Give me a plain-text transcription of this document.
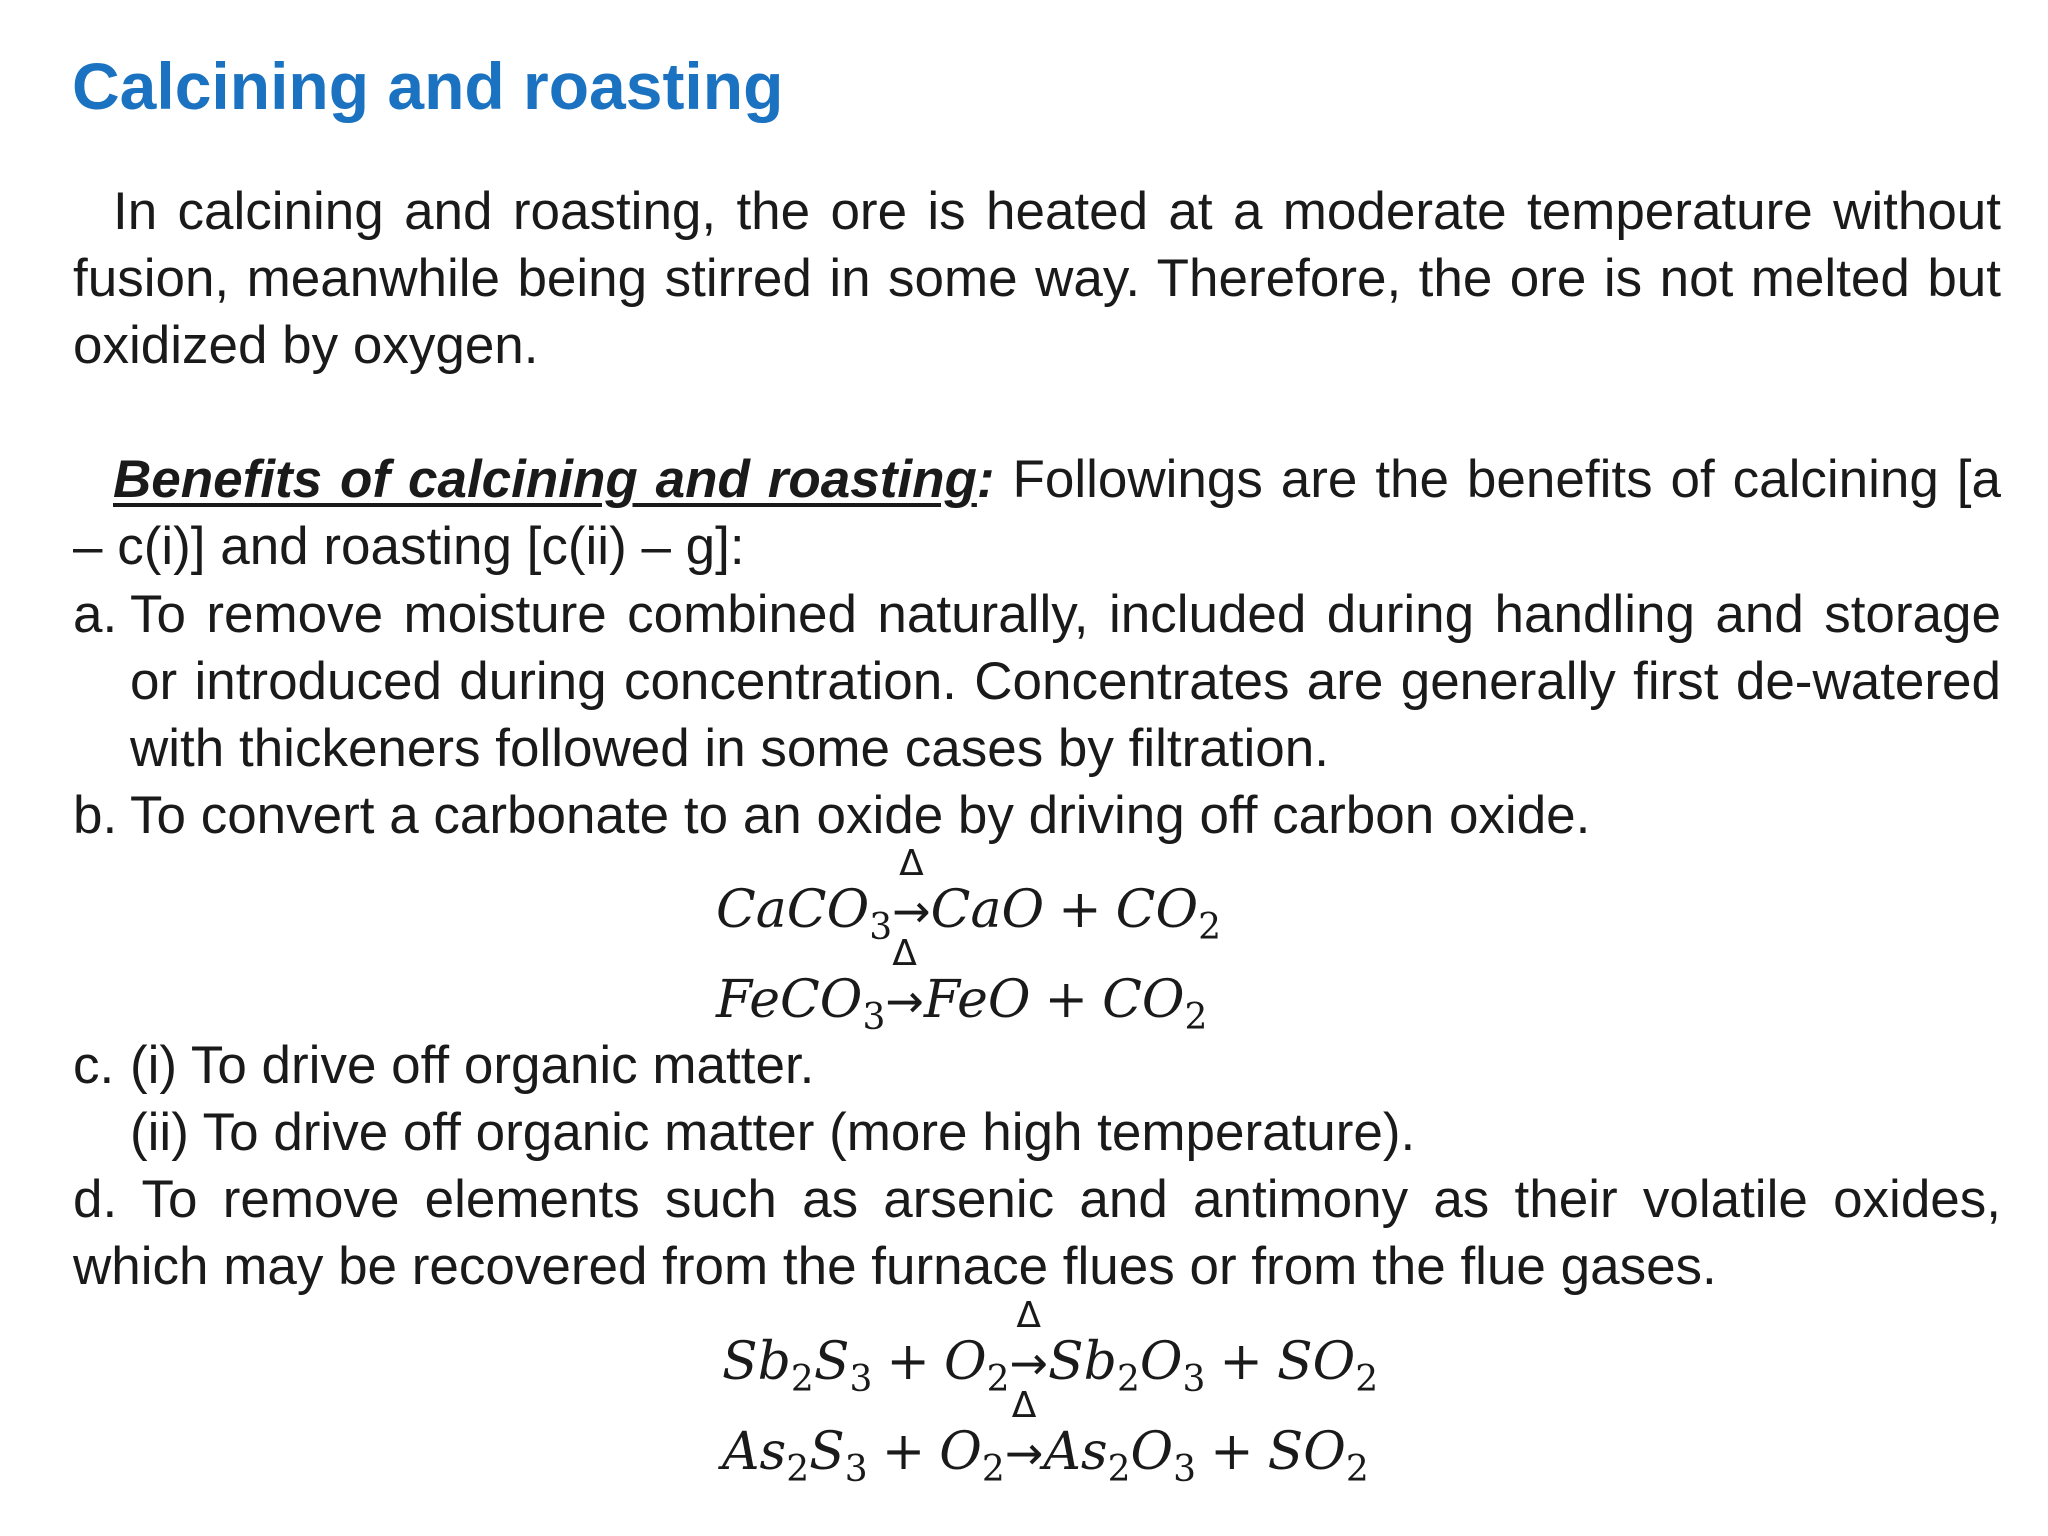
Calcining and roasting

In calcining and roasting, the ore is heated at a moderate temperature without fusion, meanwhile being stirred in some way. Therefore, the ore is not melted but oxidized by oxygen.

Benefits of calcining and roasting: Followings are the benefits of calcining [a – c(i)] and roasting [c(ii) – g]:

a. To remove moisture combined naturally, included during handling and storage or introduced during concentration. Concentrates are generally first de-watered with thickeners followed in some cases by filtration.
b. To convert a carbonate to an oxide by driving off carbon oxide.
CaCO$_3$
Δ
$\to CaO + CO_2$
FeCO$_3$
Δ
$\to FeO + CO_2$
c. (i) To drive off organic matter.
(ii) To drive off organic matter (more high temperature).
d. To remove elements such as arsenic and antimony as their volatile oxides, which may be recovered from the furnace flues or from the flue gases.
$Sb_2S_3 + O_2$
Δ
$\to Sb_2O_3 + SO_2$
$As_2S_3 + O_2$
Δ
$\to As_2O_3 + SO_2$
